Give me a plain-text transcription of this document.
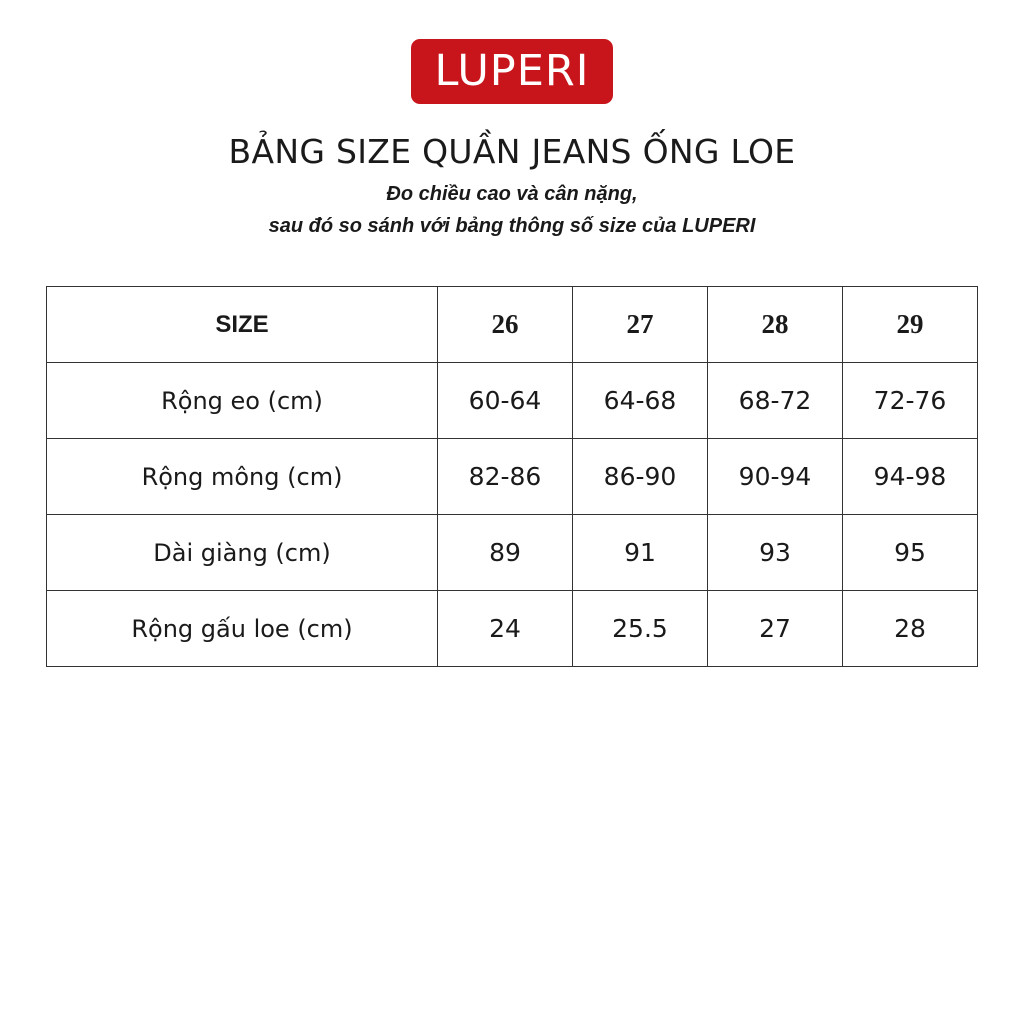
LUPERI
BẢNG SIZE QUẦN JEANS ỐNG LOE
Đo chiều cao và cân nặng,
sau đó so sánh với bảng thông số size của LUPERI
SIZE	26	27	28	29
Rộng eo (cm)	60-64	64-68	68-72	72-76
Rộng mông (cm)	82-86	86-90	90-94	94-98
Dài giàng (cm)	89	91	93	95
Rộng gấu loe (cm)	24	25.5	27	28
